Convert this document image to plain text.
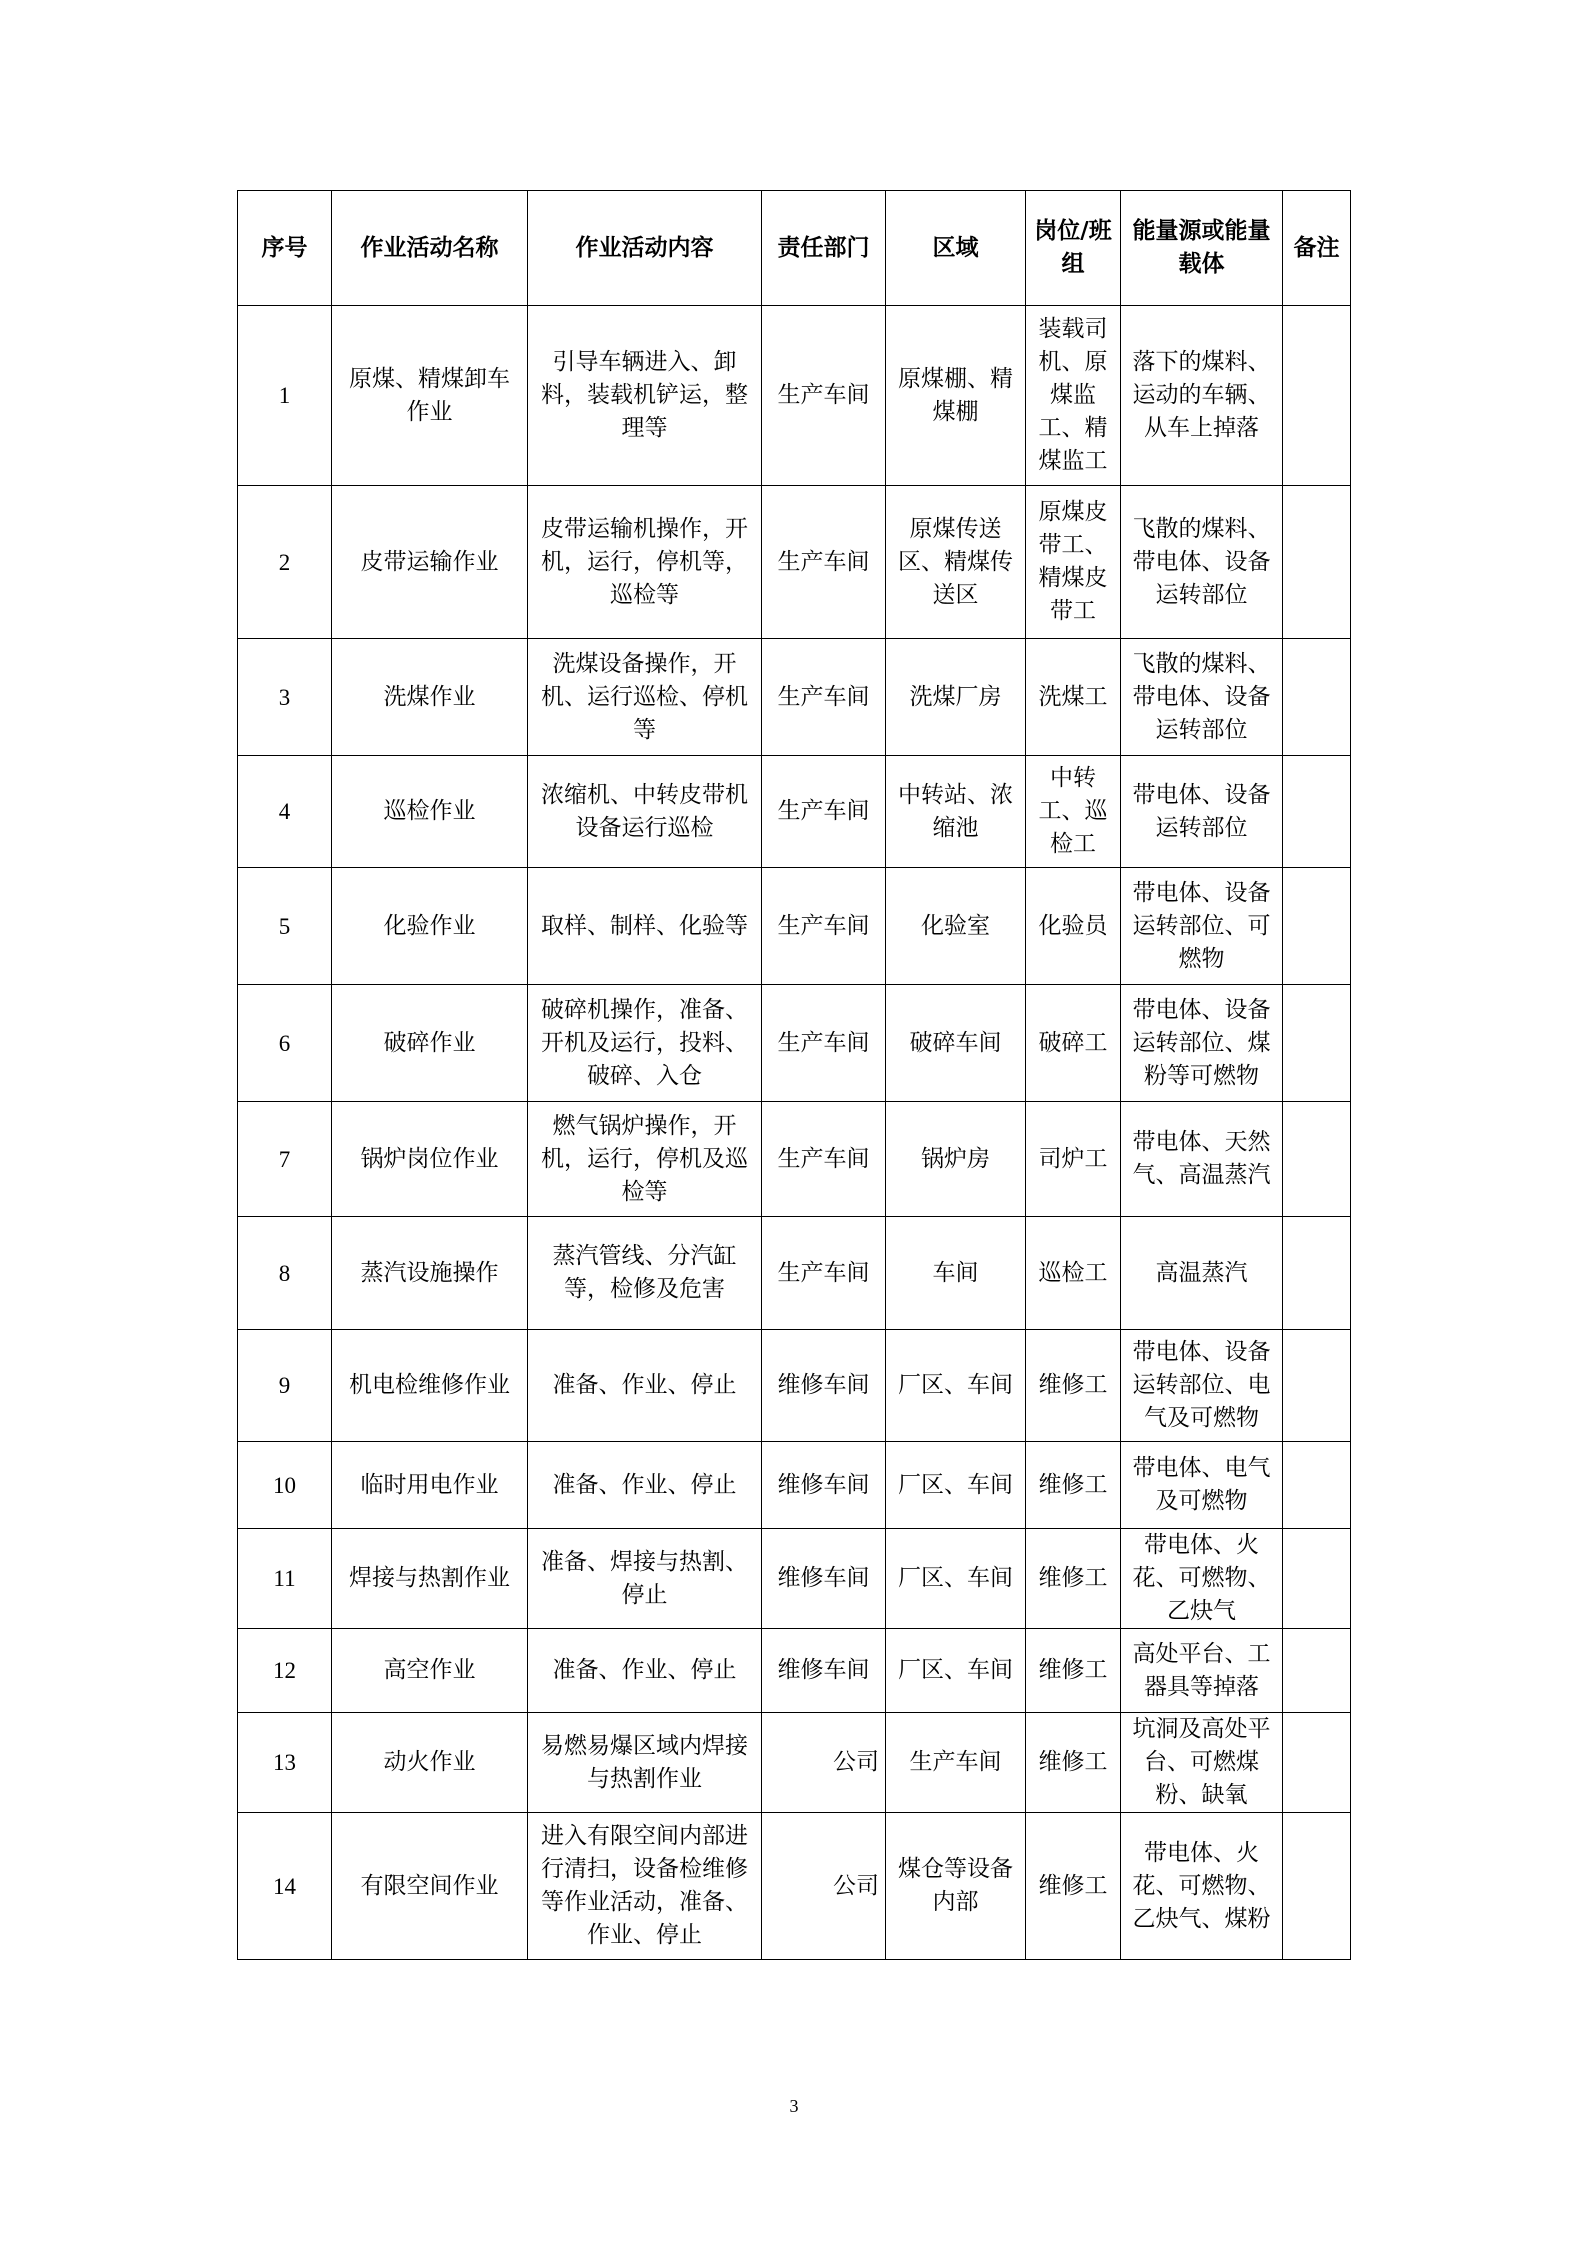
序号	作业活动名称	作业活动内容	责任部门	区域	岗位/班组	能量源或能量载体	备注
1	原煤、精煤卸车作业	引导车辆进入、卸料，装载机铲运，整理等	生产车间	原煤棚、精煤棚	装载司机、原煤监工、精煤监工	落下的煤料、运动的车辆、从车上掉落	
2	皮带运输作业	皮带运输机操作，开机，运行，停机等，巡检等	生产车间	原煤传送区、精煤传送区	原煤皮带工、精煤皮带工	飞散的煤料、带电体、设备运转部位	
3	洗煤作业	洗煤设备操作，开机、运行巡检、停机等	生产车间	洗煤厂房	洗煤工	飞散的煤料、带电体、设备运转部位	
4	巡检作业	浓缩机、中转皮带机设备运行巡检	生产车间	中转站、浓缩池	中转工、巡检工	带电体、设备运转部位	
5	化验作业	取样、制样、化验等	生产车间	化验室	化验员	带电体、设备运转部位、可燃物	
6	破碎作业	破碎机操作，准备、开机及运行，投料、破碎、入仓	生产车间	破碎车间	破碎工	带电体、设备运转部位、煤粉等可燃物	
7	锅炉岗位作业	燃气锅炉操作，开机，运行，停机及巡检等	生产车间	锅炉房	司炉工	带电体、天然气、高温蒸汽	
8	蒸汽设施操作	蒸汽管线、分汽缸等，检修及危害	生产车间	车间	巡检工	高温蒸汽	
9	机电检维修作业	准备、作业、停止	维修车间	厂区、车间	维修工	带电体、设备运转部位、电气及可燃物	
10	临时用电作业	准备、作业、停止	维修车间	厂区、车间	维修工	带电体、电气及可燃物	
11	焊接与热割作业	准备、焊接与热割、停止	维修车间	厂区、车间	维修工	带电体、火花、可燃物、乙炔气	
12	高空作业	准备、作业、停止	维修车间	厂区、车间	维修工	高处平台、工器具等掉落	
13	动火作业	易燃易爆区域内焊接与热割作业	公司	生产车间	维修工	坑洞及高处平台、可燃煤粉、缺氧	
14	有限空间作业	进入有限空间内部进行清扫，设备检维修等作业活动，准备、作业、停止	公司	煤仓等设备内部	维修工	带电体、火花、可燃物、乙炔气、煤粉	
3
